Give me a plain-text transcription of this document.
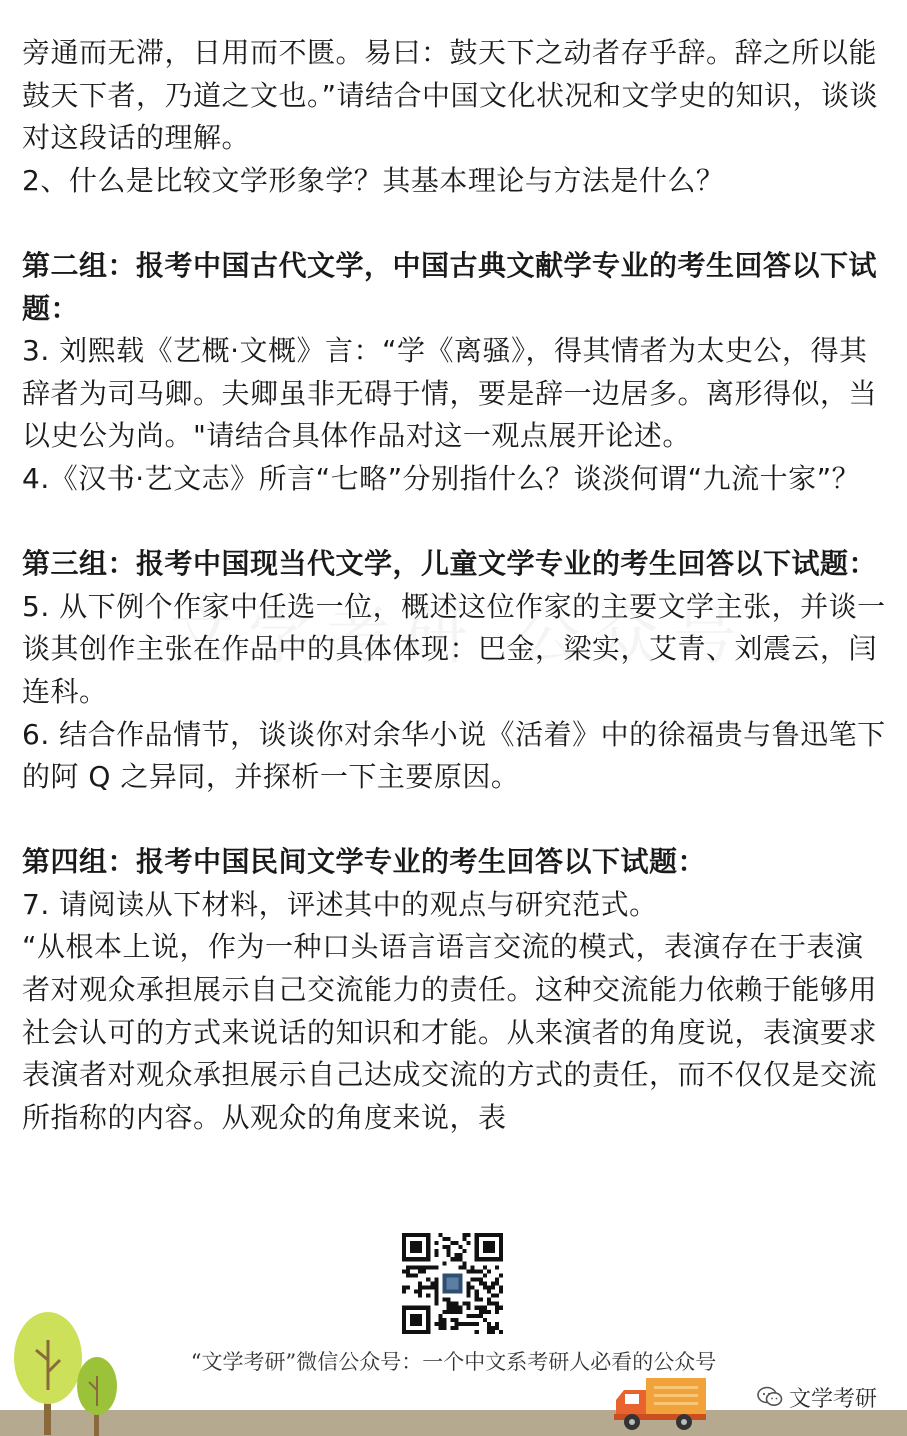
旁通而无滞，日用而不匮。易曰：鼓天下之动者存乎辞。辞之所以能鼓天下者，乃道之文也。”请结合中国文化状况和文学史的知识，谈谈对这段话的理解。

2、什么是比较文学形象学？其基本理论与方法是什么？

第二组：报考中国古代文学，中国古典文献学专业的考生回答以下试题：

3. 刘熙载《艺概·文概》言：“学《离骚》，得其情者为太史公，得其辞者为司马卿。夫卿虽非无碍于情，要是辞一边居多。离形得似，当以史公为尚。"请结合具体作品对这一观点展开论述。

4.《汉书·艺文志》所言“七略”分别指什么？谈淡何谓“九流十家”？

第三组：报考中国现当代文学，儿童文学专业的考生回答以下试题：

5. 从下例个作家中任选一位，概述这位作家的主要文学主张，并谈一谈其创作主张在作品中的具体体现：巴金，梁实，艾青、刘震云，闫连科。

6. 结合作品情节，谈谈你对余华小说《活着》中的徐福贵与鲁迅笔下的阿 Q 之异同，并探析一下主要原因。

第四组：报考中国民间文学专业的考生回答以下试题：

7. 请阅读从下材料，评述其中的观点与研究范式。

“从根本上说，作为一种口头语言语言交流的模式，表演存在于表演者对观众承担展示自己交流能力的责任。这种交流能力依赖于能够用社会认可的方式来说话的知识和才能。从来演者的角度说，表演要求表演者对观众承担展示自己达成交流的方式的责任，而不仅仅是交流所指称的内容。从观众的角度来说，表

“文学考研”微信公众号：一个中文系考研人必看的公众号
文学考研
